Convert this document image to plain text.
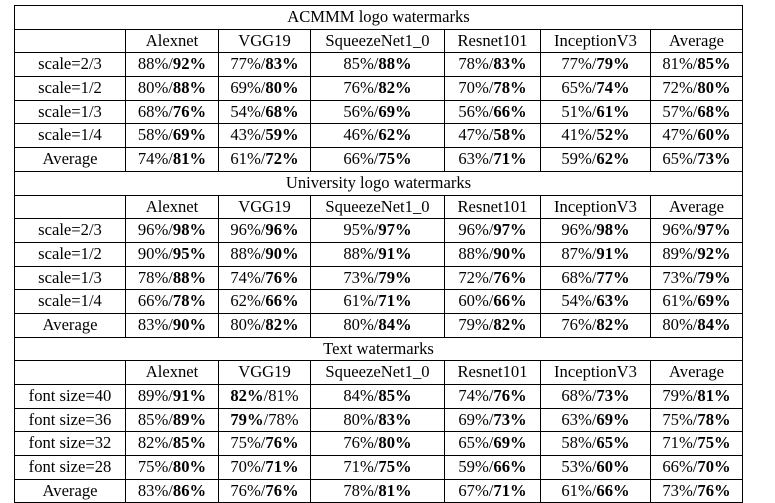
ACMMM logo watermarks						
	Alexnet	VGG19	SqueezeNet1_0	Resnet101	InceptionV3	Average
scale=2/3	88%/92%	77%/83%	85%/88%	78%/83%	77%/79%	81%/85%
scale=1/2	80%/88%	69%/80%	76%/82%	70%/78%	65%/74%	72%/80%
scale=1/3	68%/76%	54%/68%	56%/69%	56%/66%	51%/61%	57%/68%
scale=1/4	58%/69%	43%/59%	46%/62%	47%/58%	41%/52%	47%/60%
Average	74%/81%	61%/72%	66%/75%	63%/71%	59%/62%	65%/73%
University logo watermarks						
	Alexnet	VGG19	SqueezeNet1_0	Resnet101	InceptionV3	Average
scale=2/3	96%/98%	96%/96%	95%/97%	96%/97%	96%/98%	96%/97%
scale=1/2	90%/95%	88%/90%	88%/91%	88%/90%	87%/91%	89%/92%
scale=1/3	78%/88%	74%/76%	73%/79%	72%/76%	68%/77%	73%/79%
scale=1/4	66%/78%	62%/66%	61%/71%	60%/66%	54%/63%	61%/69%
Average	83%/90%	80%/82%	80%/84%	79%/82%	76%/82%	80%/84%
Text watermarks						
	Alexnet	VGG19	SqueezeNet1_0	Resnet101	InceptionV3	Average
font size=40	89%/91%	82%/81%	84%/85%	74%/76%	68%/73%	79%/81%
font size=36	85%/89%	79%/78%	80%/83%	69%/73%	63%/69%	75%/78%
font size=32	82%/85%	75%/76%	76%/80%	65%/69%	58%/65%	71%/75%
font size=28	75%/80%	70%/71%	71%/75%	59%/66%	53%/60%	66%/70%
Average	83%/86%	76%/76%	78%/81%	67%/71%	61%/66%	73%/76%
